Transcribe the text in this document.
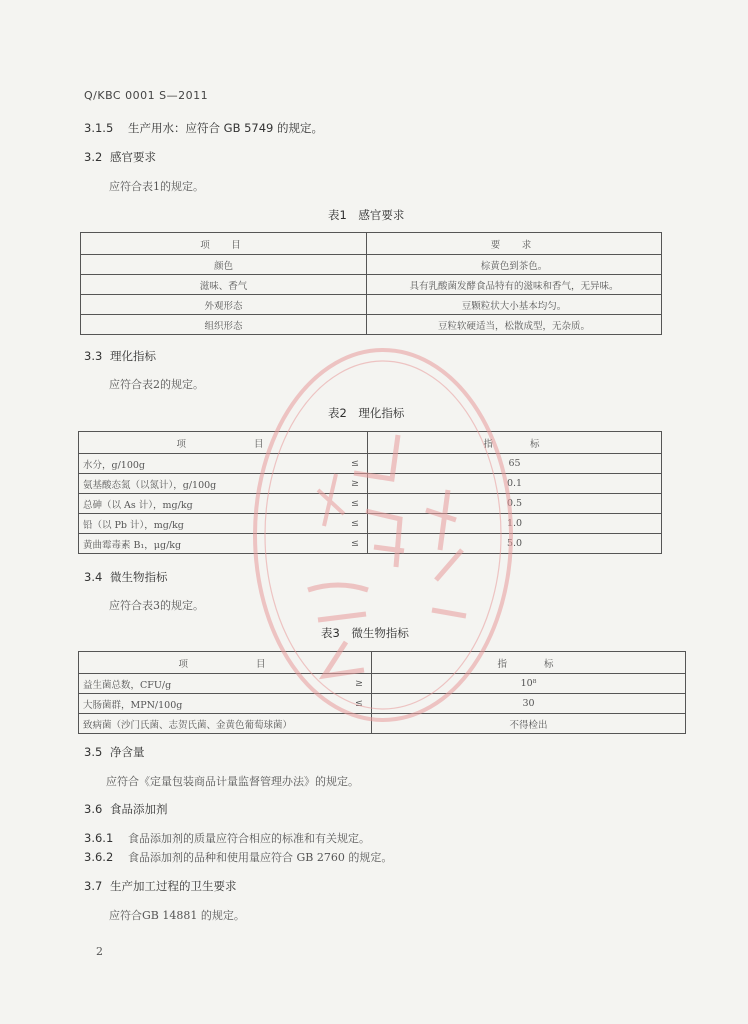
Q/KBC 0001 S—2011
3.1.5 生产用水：应符合 GB 5749 的规定。
3.2 感官要求
应符合表1的规定。
表1　感官要求
项　目	要　求
颜色	棕黄色到茶色。
滋味、香气	具有乳酸菌发酵食品特有的滋味和香气，无异味。
外观形态	豆颗粒状大小基本均匀。
组织形态	豆粒软硬适当，松散成型，无杂质。
3.3 理化指标
应符合表2的规定。
表2　理化指标
项　　　　目		指　　标
水分，g/100g	≤	65
氨基酸态氮（以氮计），g/100g	≥	0.1
总砷（以 As 计），mg/kg	≤	0.5
铅（以 Pb 计），mg/kg	≤	1.0
黄曲霉毒素 B₁，μg/kg	≤	5.0
3.4 微生物指标
应符合表3的规定。
表3　微生物指标
项　　　　目		指　　标
益生菌总数，CFU/g	≥	10⁸
大肠菌群，MPN/100g	≤	30
致病菌（沙门氏菌、志贺氏菌、金黄色葡萄球菌）		不得检出
3.5 净含量
应符合《定量包装商品计量监督管理办法》的规定。
3.6 食品添加剂
3.6.1 食品添加剂的质量应符合相应的标准和有关规定。
3.6.2 食品添加剂的品种和使用量应符合 GB 2760 的规定。
3.7 生产加工过程的卫生要求
应符合GB 14881 的规定。
2
